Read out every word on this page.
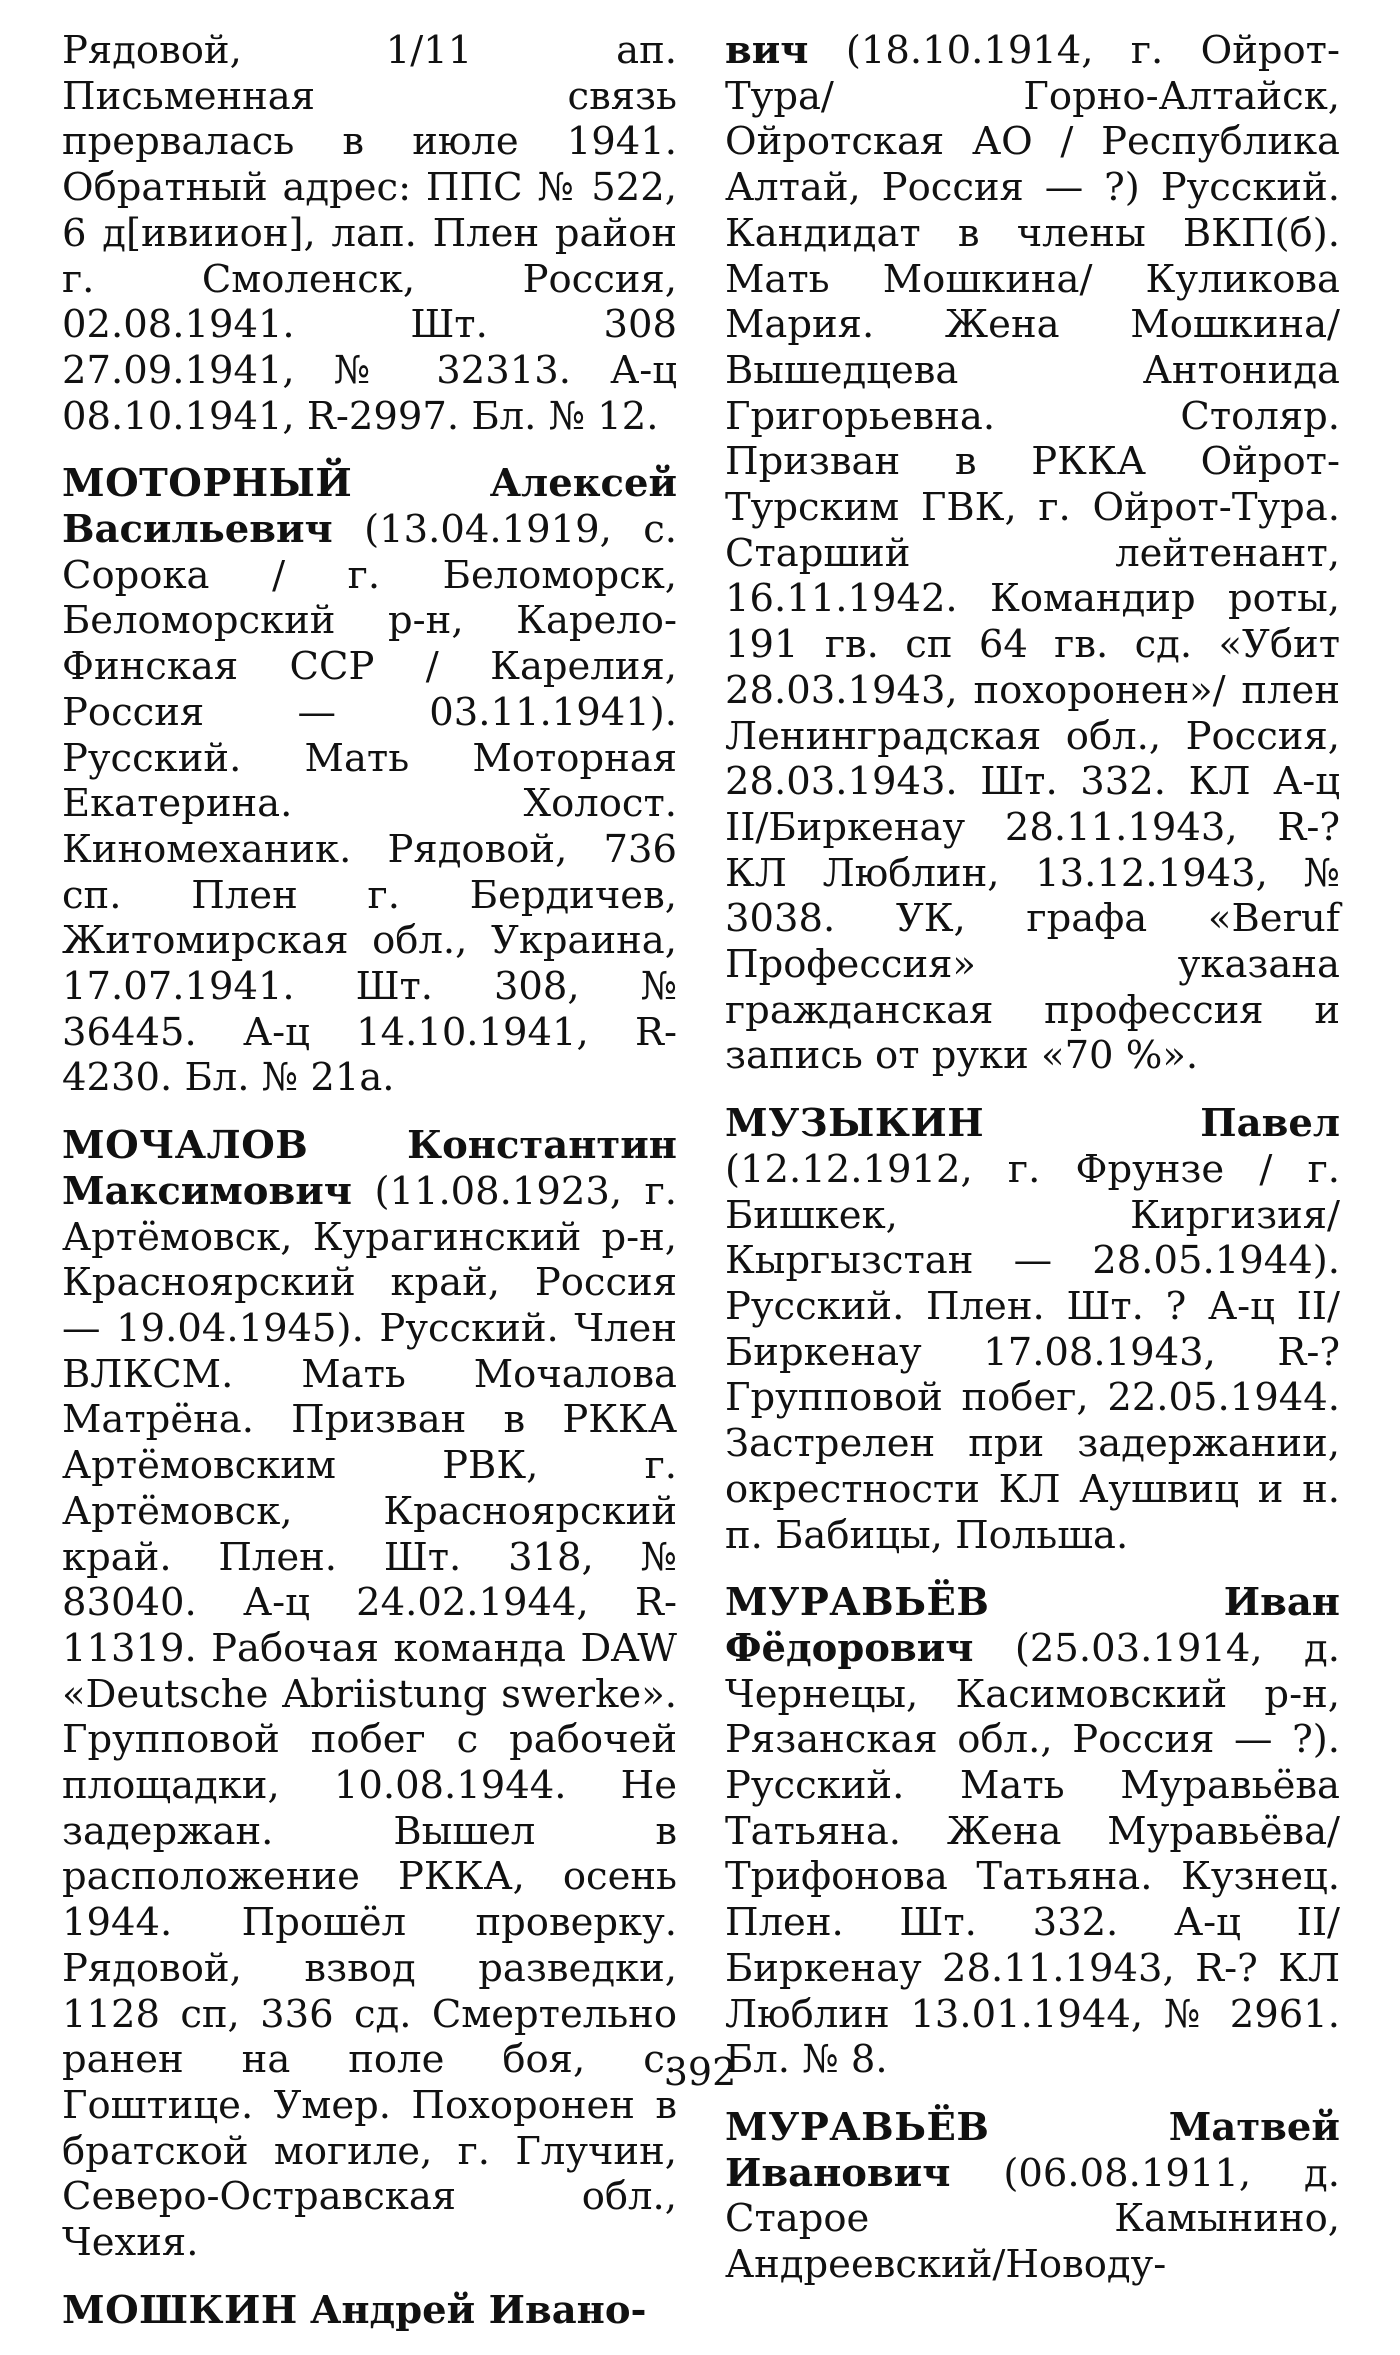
Рядовой, 1/11 ап. Письменная связь прервалась в июле 1941. Обратный адрес: ППС № 522, 6 д[ивиион], лап. Плен район г. Смоленск, Россия, 02.08.1941. Шт. 308 27.09.1941, № 32313. А-ц 08.10.1941, R-2997. Бл. № 12.

МОТОРНЫЙ	Алексей Васильевич (13.04.1919, с. Сорока / г. Беломорск, Беломорский р-н, Карело-Финская ССР / Карелия, Россия — 03.11.1941). Русский. Мать Моторная Екатерина. Холост. Киномеханик. Рядовой, 736 сп. Плен г. Бердичев, Житомирская обл., Украина, 17.07.1941. Шт. 308, № 36445. А-ц 14.10.1941, R-4230. Бл. № 21а.

МОЧАЛОВ	Константин Максимович (11.08.1923, г. Артёмовск, Курагинский р-н, Красноярский край, Россия — 19.04.1945). Русский. Член ВЛКСМ. Мать Мочалова Матрёна. Призван в РККА Артёмовским РВК, г. Артёмовск, Красноярский край. Плен. Шт. 318, № 83040. А-ц 24.02.1944, R-11319. Рабочая команда DAW «Deutsche Abriistung swerke». Групповой побег с рабочей площадки, 10.08.1944. Не задержан. Вышел в расположение РККА, осень 1944. Прошёл проверку. Рядовой, взвод разведки, 1128 сп, 336 сд. Смертельно ранен на поле боя, с. Гоштице. Умер. Похоронен в братской могиле, г. Глучин, Северо-Остравская обл., Чехия.

МОШКИН Андрей Ивано-

вич (18.10.1914, г. Ойрот-Тура/ Горно-Алтайск, Ойротская АО / Республика Алтай, Россия — ?) Русский. Кандидат в члены ВКП(б). Мать Мошкина/ Куликова Мария. Жена Мошкина/Вышедцева Антонида Григорьевна. Столяр. Призван в РККА Ойрот-Турским ГВК, г. Ойрот-Тура. Старший лейтенант, 16.11.1942. Командир роты, 191 гв. сп 64 гв. сд. «Убит 28.03.1943, похоронен»/ плен Ленинградская обл., Россия, 28.03.1943. Шт. 332. КЛ А-ц II/Биркенау 28.11.1943, R-? КЛ Люблин, 13.12.1943, № 3038. УК, графа «Beruf Профессия» указана гражданская профессия и запись от руки «70 %».

МУЗЫКИН	Павел (12.12.1912, г. Фрунзе / г. Бишкек, Киргизия/Кыргызстан — 28.05.1944). Русский. Плен. Шт. ? А-ц II/ Биркенау 17.08.1943, R-? Групповой побег, 22.05.1944. Застрелен при задержании, окрестности КЛ Аушвиц и н. п. Бабицы, Польша.

МУРАВЬЁВ	Иван Фёдорович (25.03.1914, д. Чернецы, Касимовский р-н, Рязанская обл., Россия — ?). Русский. Мать Муравьёва Татьяна. Жена Муравьёва/Трифонова Татьяна. Кузнец. Плен. Шт. 332. А-ц II/ Биркенау 28.11.1943, R-? КЛ Люблин 13.01.1944, № 2961. Бл. № 8.

МУРАВЬЁВ	Матвей Иванович (06.08.1911, д. Старое Камынино, Андреевский/Новоду-

392
